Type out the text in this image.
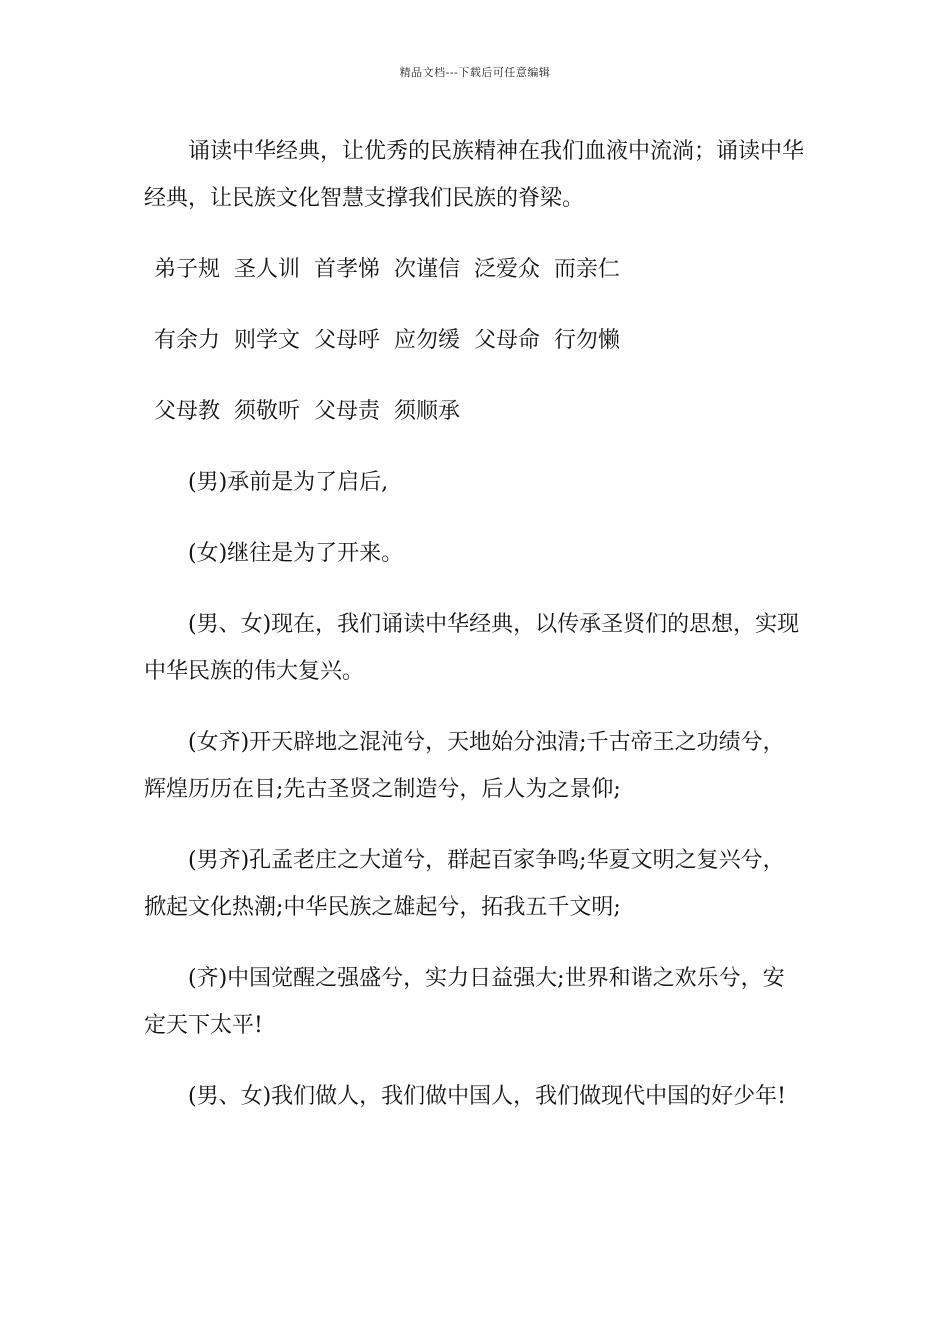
精品文档---下载后可任意编辑

诵读中华经典，让优秀的民族精神在我们血液中流淌；诵读中华经典，让民族文化智慧支撑我们民族的脊梁。

弟子规  圣人训  首孝悌  次谨信  泛爱众  而亲仁

有余力  则学文  父母呼  应勿缓  父母命  行勿懒

父母教  须敬听  父母责  须顺承

(男)承前是为了启后,

(女)继往是为了开来。

(男、女)现在，我们诵读中华经典，以传承圣贤们的思想，实现中华民族的伟大复兴。

(女齐)开天辟地之混沌兮，天地始分浊清;千古帝王之功绩兮，辉煌历历在目;先古圣贤之制造兮，后人为之景仰;

(男齐)孔孟老庄之大道兮，群起百家争鸣;华夏文明之复兴兮，掀起文化热潮;中华民族之雄起兮，拓我五千文明;

(齐)中国觉醒之强盛兮，实力日益强大;世界和谐之欢乐兮，安定天下太平!

(男、女)我们做人，我们做中国人，我们做现代中国的好少年!
